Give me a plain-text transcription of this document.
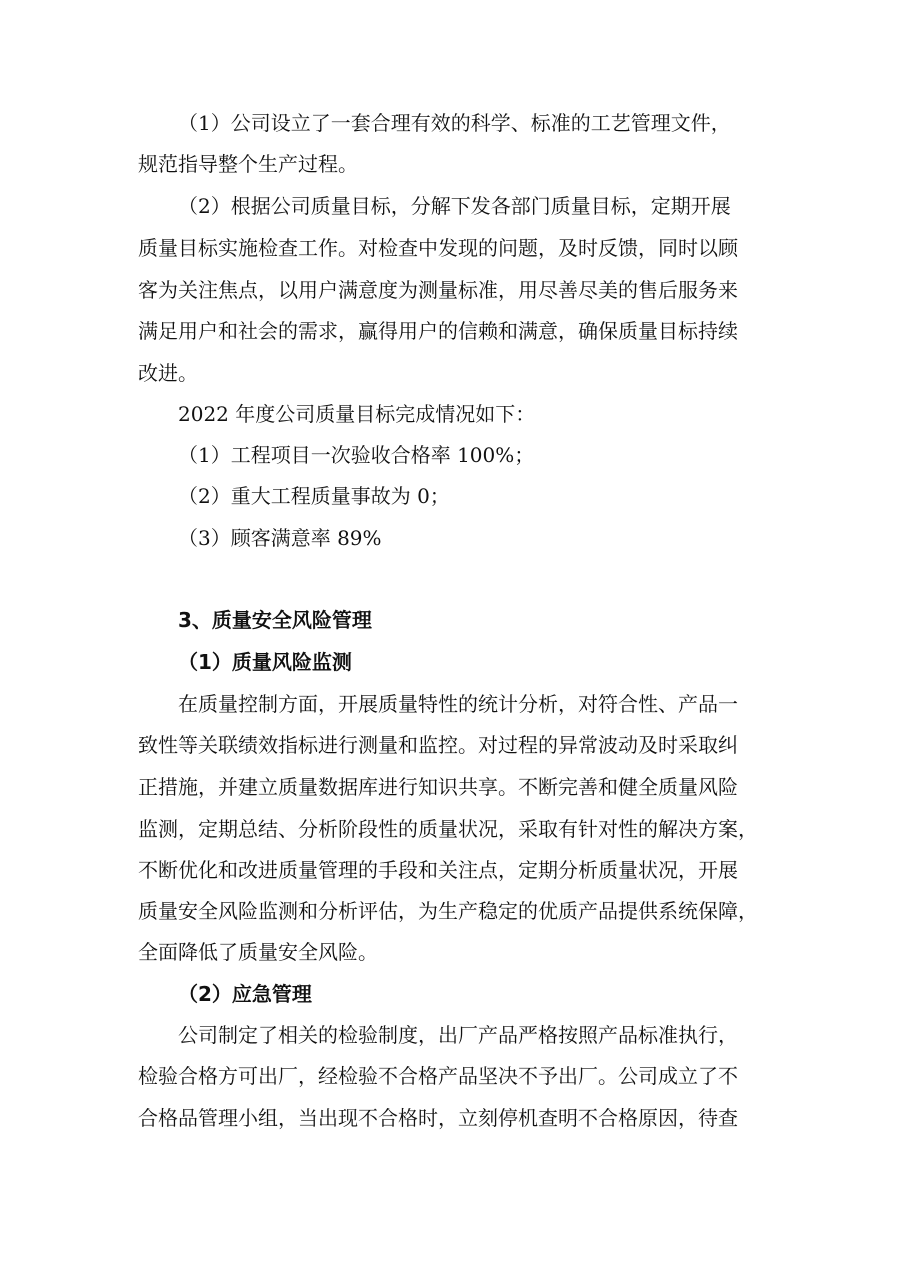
（1）公司设立了一套合理有效的科学、标准的工艺管理文件，
规范指导整个生产过程。
（2）根据公司质量目标，分解下发各部门质量目标，定期开展
质量目标实施检查工作。对检查中发现的问题，及时反馈，同时以顾
客为关注焦点，以用户满意度为测量标准，用尽善尽美的售后服务来
满足用户和社会的需求，赢得用户的信赖和满意，确保质量目标持续
改进。
2022 年度公司质量目标完成情况如下：
（1）工程项目一次验收合格率 100%；
（2）重大工程质量事故为 0；
（3）顾客满意率 89%
3、质量安全风险管理
（1）质量风险监测
在质量控制方面，开展质量特性的统计分析，对符合性、产品一
致性等关联绩效指标进行测量和监控。对过程的异常波动及时采取纠
正措施，并建立质量数据库进行知识共享。不断完善和健全质量风险
监测，定期总结、分析阶段性的质量状况，采取有针对性的解决方案，
不断优化和改进质量管理的手段和关注点，定期分析质量状况，开展
质量安全风险监测和分析评估，为生产稳定的优质产品提供系统保障，
全面降低了质量安全风险。
（2）应急管理
公司制定了相关的检验制度，出厂产品严格按照产品标准执行，
检验合格方可出厂，经检验不合格产品坚决不予出厂。公司成立了不
合格品管理小组，当出现不合格时，立刻停机查明不合格原因，待查
